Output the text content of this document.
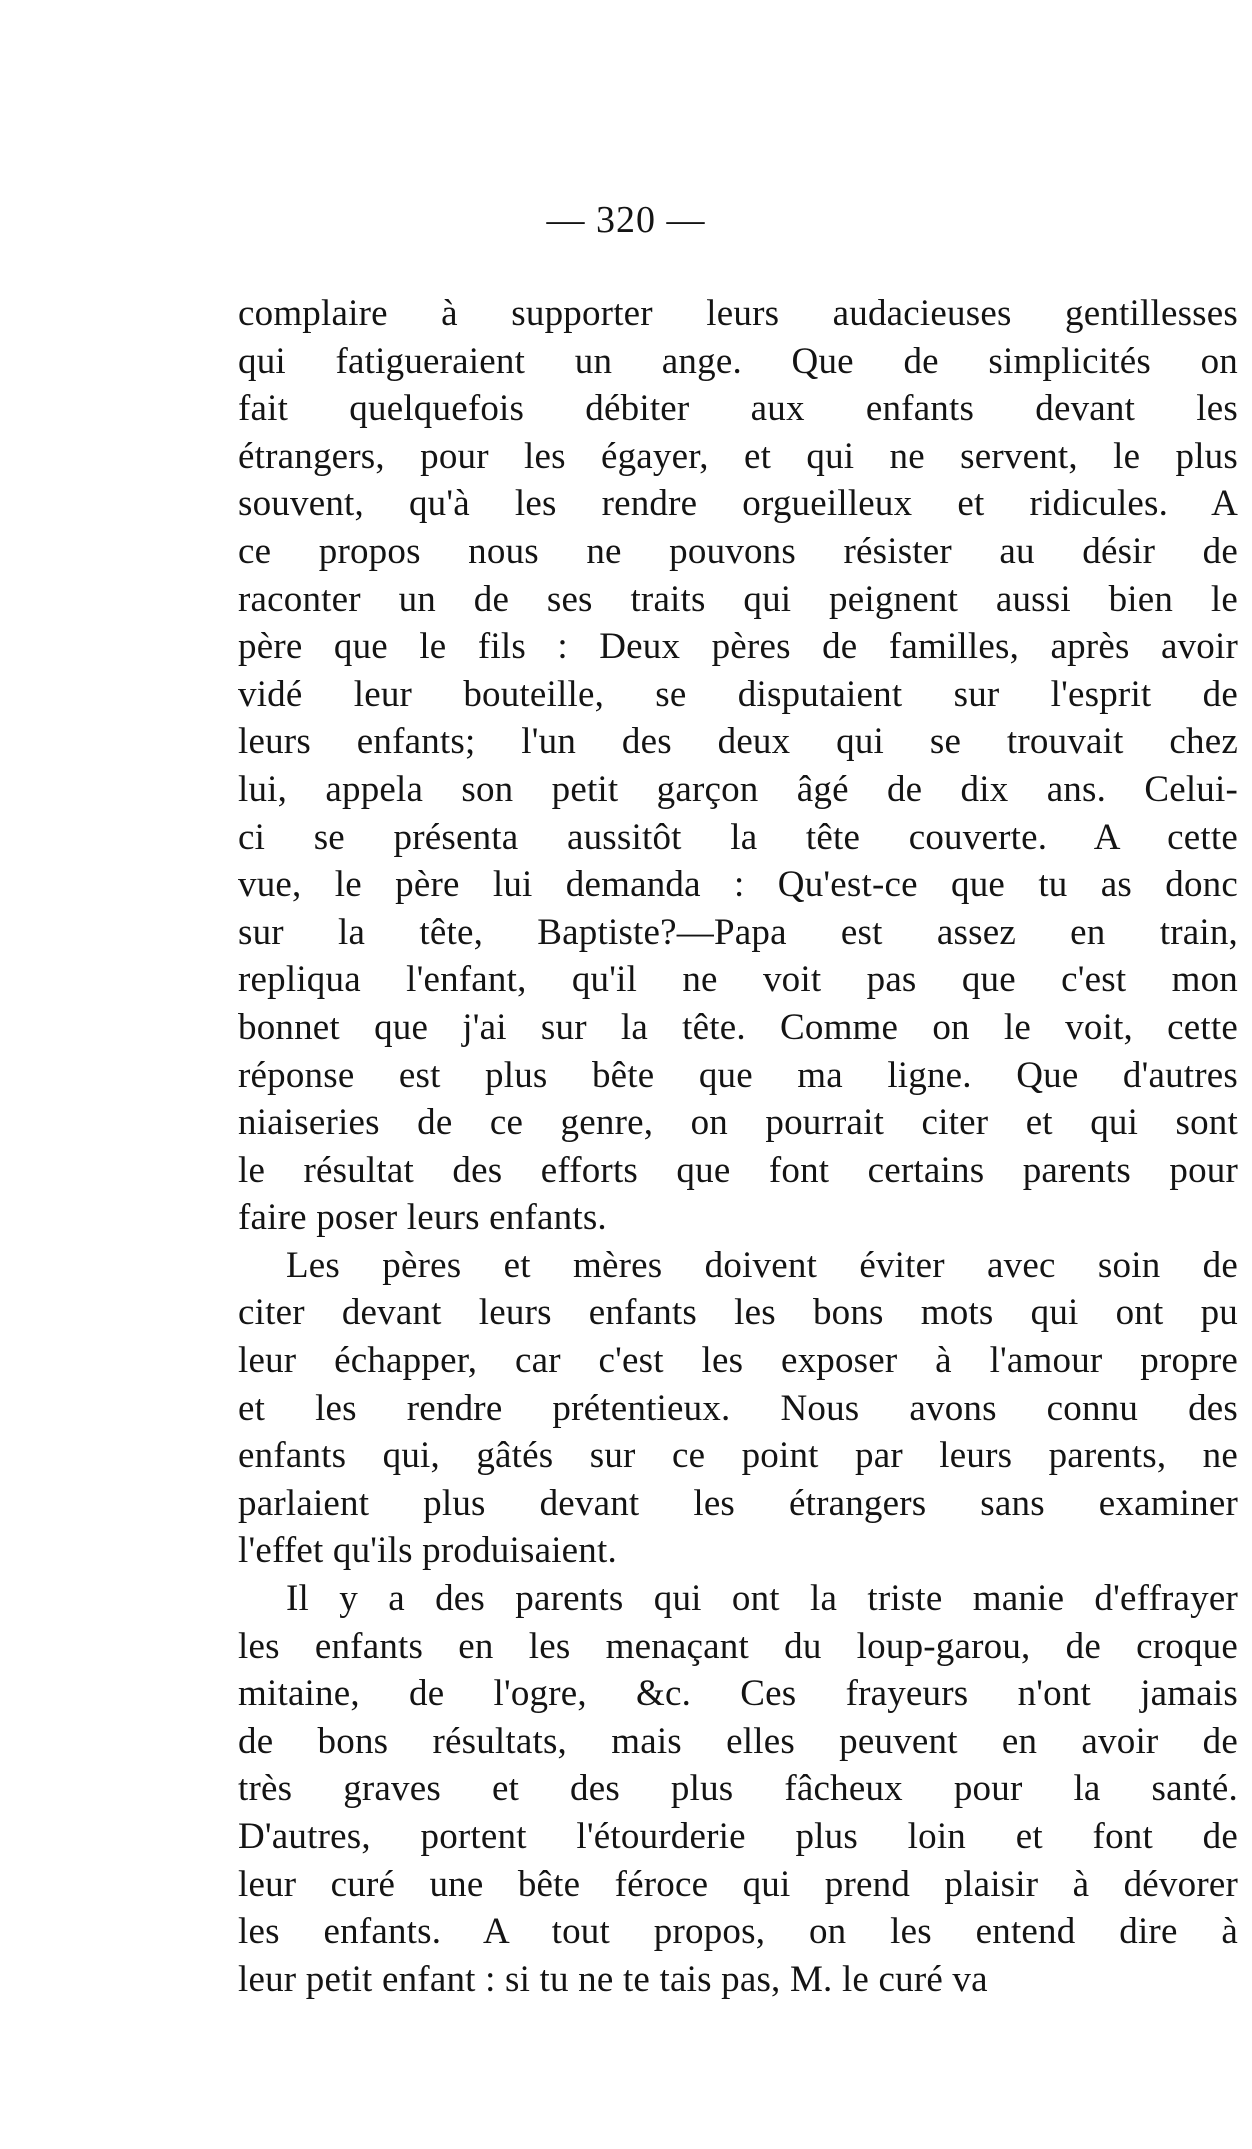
— 320 —
complaire à supporter leurs audacieuses gentillesses
qui fatigueraient un ange. Que de simplicités on
fait quelquefois débiter aux enfants devant les
étrangers, pour les égayer, et qui ne servent, le plus
souvent, qu'à les rendre orgueilleux et ridicules. A
ce propos nous ne pouvons résister au désir de
raconter un de ses traits qui peignent aussi bien le
père que le fils : Deux pères de familles, après avoir
vidé leur bouteille, se disputaient sur l'esprit de
leurs enfants; l'un des deux qui se trouvait chez
lui, appela son petit garçon âgé de dix ans. Celui-
ci se présenta aussitôt la tête couverte. A cette
vue, le père lui demanda : Qu'est-ce que tu as donc
sur la tête, Baptiste?—Papa est assez en train,
repliqua l'enfant, qu'il ne voit pas que c'est mon
bonnet que j'ai sur la tête. Comme on le voit, cette
réponse est plus bête que ma ligne. Que d'autres
niaiseries de ce genre, on pourrait citer et qui sont
le résultat des efforts que font certains parents pour
faire poser leurs enfants.
Les pères et mères doivent éviter avec soin de
citer devant leurs enfants les bons mots qui ont pu
leur échapper, car c'est les exposer à l'amour propre
et les rendre prétentieux. Nous avons connu des
enfants qui, gâtés sur ce point par leurs parents, ne
parlaient plus devant les étrangers sans examiner
l'effet qu'ils produisaient.
Il y a des parents qui ont la triste manie d'effrayer
les enfants en les menaçant du loup-garou, de croque
mitaine, de l'ogre, &c. Ces frayeurs n'ont jamais
de bons résultats, mais elles peuvent en avoir de
très graves et des plus fâcheux pour la santé.
D'autres, portent l'étourderie plus loin et font de
leur curé une bête féroce qui prend plaisir à dévorer
les enfants. A tout propos, on les entend dire à
leur petit enfant : si tu ne te tais pas, M. le curé va
